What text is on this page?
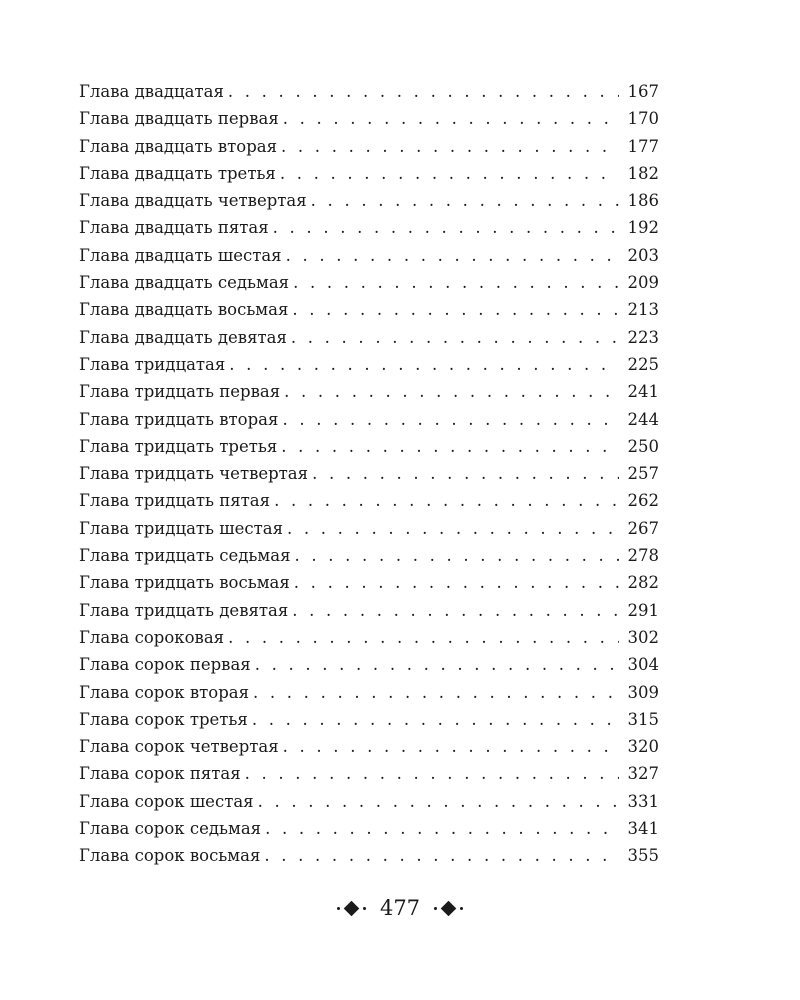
Глава двадцатая . . .	167
Глава двадцать первая . . .	170
Глава двадцать вторая . . .	177
Глава двадцать третья . . .	182
Глава двадцать четвертая . . .	186
Глава двадцать пятая . . .	192
Глава двадцать шестая . . .	203
Глава двадцать седьмая . . .	209
Глава двадцать восьмая . . .	213
Глава двадцать девятая . . .	223
Глава тридцатая . . .	225
Глава тридцать первая . . .	241
Глава тридцать вторая . . .	244
Глава тридцать третья . . .	250
Глава тридцать четвертая . . .	257
Глава тридцать пятая . . .	262
Глава тридцать шестая . . .	267
Глава тридцать седьмая . . .	278
Глава тридцать восьмая . . .	282
Глава тридцать девятая . . .	291
Глава сороковая . . .	302
Глава сорок первая . . .	304
Глава сорок вторая . . .	309
Глава сорок третья . . .	315
Глава сорок четвертая . . .	320
Глава сорок пятая . . .	327
Глава сорок шестая . . .	331
Глава сорок седьмая . . .	341
Глава сорок восьмая . . .	355
477
